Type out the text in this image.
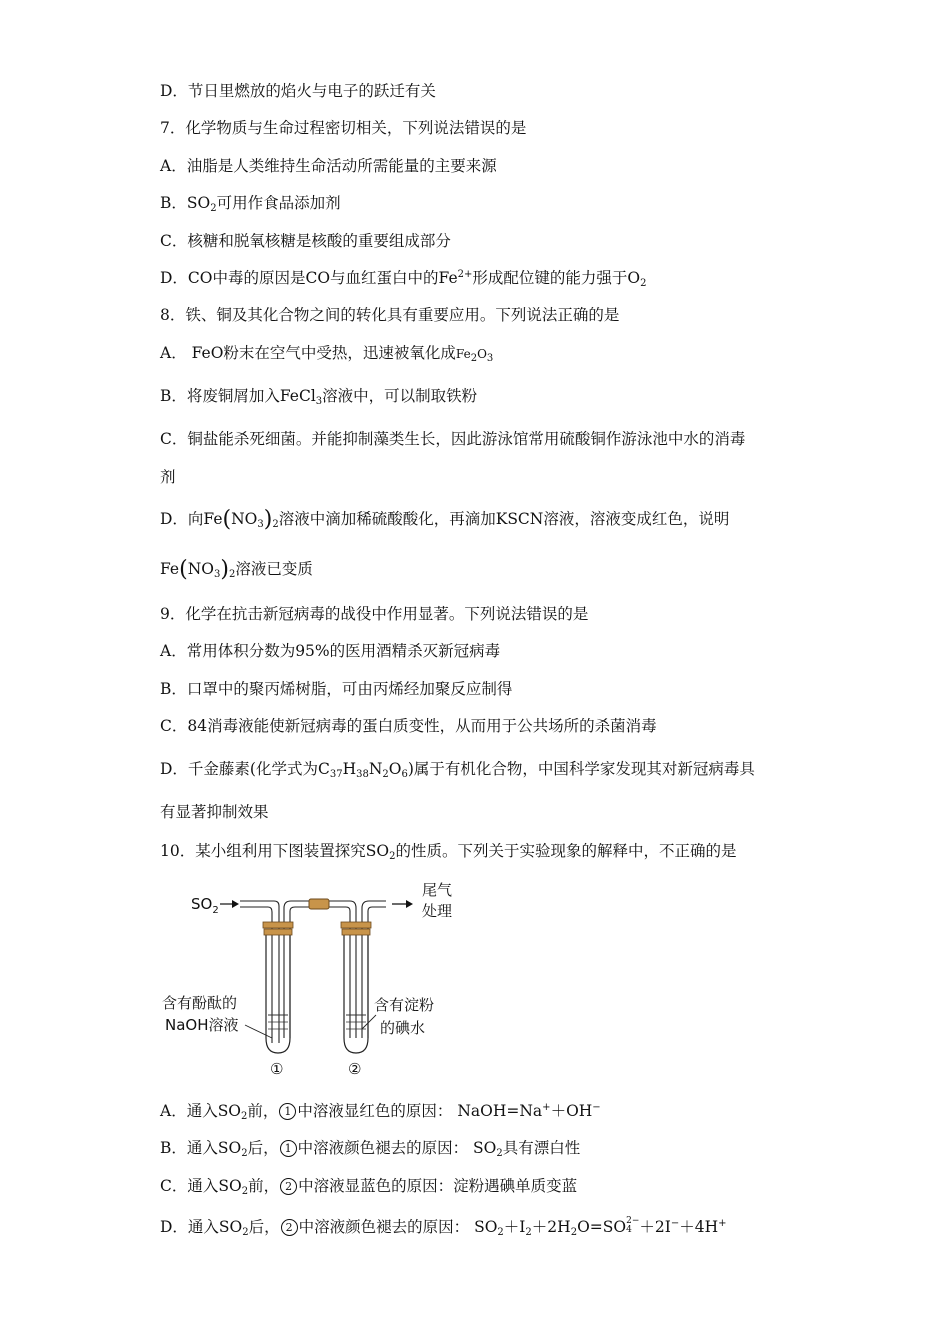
D．节日里燃放的焰火与电子的跃迁有关
7．化学物质与生命过程密切相关，下列说法错误的是
A．油脂是人类维持生命活动所需能量的主要来源
B．$SO_2$可用作食品添加剂
C．核糖和脱氧核糖是核酸的重要组成部分
D．CO中毒的原因是CO与血红蛋白中的$Fe^{2+}$形成配位键的能力强于$O_2$
8．铁、铜及其化合物之间的转化具有重要应用。下列说法正确的是
A． FeO粉末在空气中受热，迅速被氧化成$Fe_2O_3$
B．将废铜屑加入FeCl$_3$溶液中，可以制取铁粉
C．铜盐能杀死细菌。并能抑制藻类生长，因此游泳馆常用硫酸铜作游泳池中水的消毒
剂
D．向$Fe(NO_3)_2$溶液中滴加稀硫酸酸化，再滴加KSCN溶液，溶液变成红色，说明
$Fe(NO_3)_2$溶液已变质
9．化学在抗击新冠病毒的战役中作用显著。下列说法错误的是
A．常用体积分数为95%的医用酒精杀灭新冠病毒
B．口罩中的聚丙烯树脂，可由丙烯经加聚反应制得
C．84消毒液能使新冠病毒的蛋白质变性，从而用于公共场所的杀菌消毒
D．千金藤素(化学式为$C_{37}H_{38}N_2O_6$)属于有机化合物，中国科学家发现其对新冠病毒具
有显著抑制效果
10．某小组利用下图装置探究$SO_2$的性质。下列关于实验现象的解释中，不正确的是
$SO_2$
尾气
处理
含有酚酞的
NaOH溶液
含有淀粉
的碘水
①	②
A．通入$SO_2$前， 1 中溶液显红色的原因： NaOH=Na+＋OH−
B．通入$SO_2$后， 1 中溶液颜色褪去的原因： $SO_2$具有漂白性
C．通入$SO_2$前， 2 中溶液显蓝色的原因：淀粉遇碘单质变蓝
D．通入$SO_2$后， 2 中溶液颜色褪去的原因： $SO_2+I_2+2H_2O=SO$ 2−
4 ＋2I−＋4H+
